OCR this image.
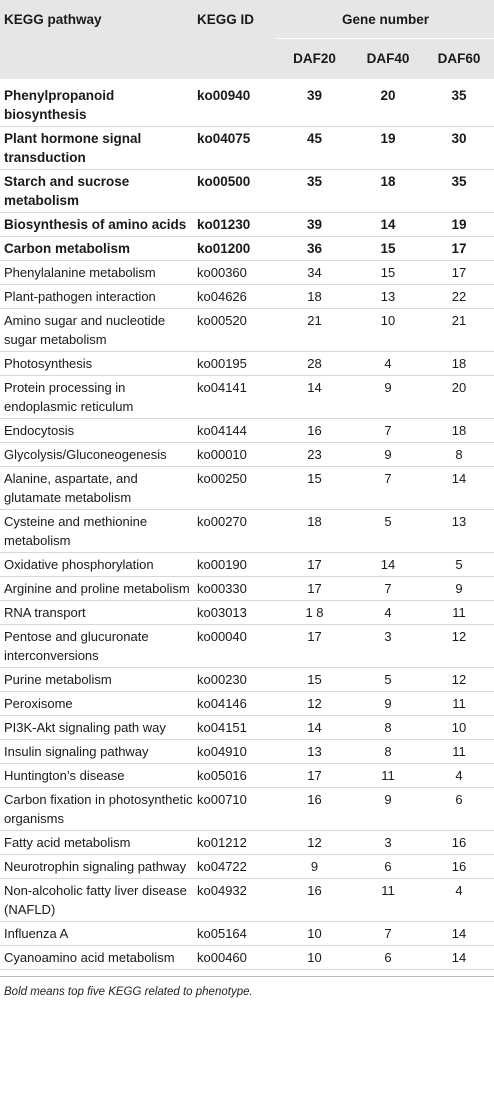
KEGG pathway	KEGG ID	Gene number		
		DAF20	DAF40	DAF60
Phenylpropanoid biosynthesis	ko00940	39	20	35
Plant hormone signal transduction	ko04075	45	19	30
Starch and sucrose metabolism	ko00500	35	18	35
Biosynthesis of amino acids	ko01230	39	14	19
Carbon metabolism	ko01200	36	15	17
Phenylalanine metabolism	ko00360	34	15	17
Plant-pathogen interaction	ko04626	18	13	22
Amino sugar and nucleotide sugar metabolism	ko00520	21	10	21
Photosynthesis	ko00195	28	4	18
Protein processing in endoplasmic reticulum	ko04141	14	9	20
Endocytosis	ko04144	16	7	18
Glycolysis/Gluconeogenesis	ko00010	23	9	8
Alanine, aspartate, and glutamate metabolism	ko00250	15	7	14
Cysteine and methionine metabolism	ko00270	18	5	13
Oxidative phosphorylation	ko00190	17	14	5
Arginine and proline metabolism	ko00330	17	7	9
RNA transport	ko03013	1 8	4	11
Pentose and glucuronate interconversions	ko00040	17	3	12
Purine metabolism	ko00230	15	5	12
Peroxisome	ko04146	12	9	11
PI3K-Akt signaling path way	ko04151	14	8	10
Insulin signaling pathway	ko04910	13	8	11
Huntington’s disease	ko05016	17	11	4
Carbon fixation in photosynthetic organisms	ko00710	16	9	6
Fatty acid metabolism	ko01212	12	3	16
Neurotrophin signaling pathway	ko04722	9	6	16
Non-alcoholic fatty liver disease (NAFLD)	ko04932	16	11	4
Influenza A	ko05164	10	7	14
Cyanoamino acid metabolism	ko00460	10	6	14
Bold means top five KEGG related to phenotype.
